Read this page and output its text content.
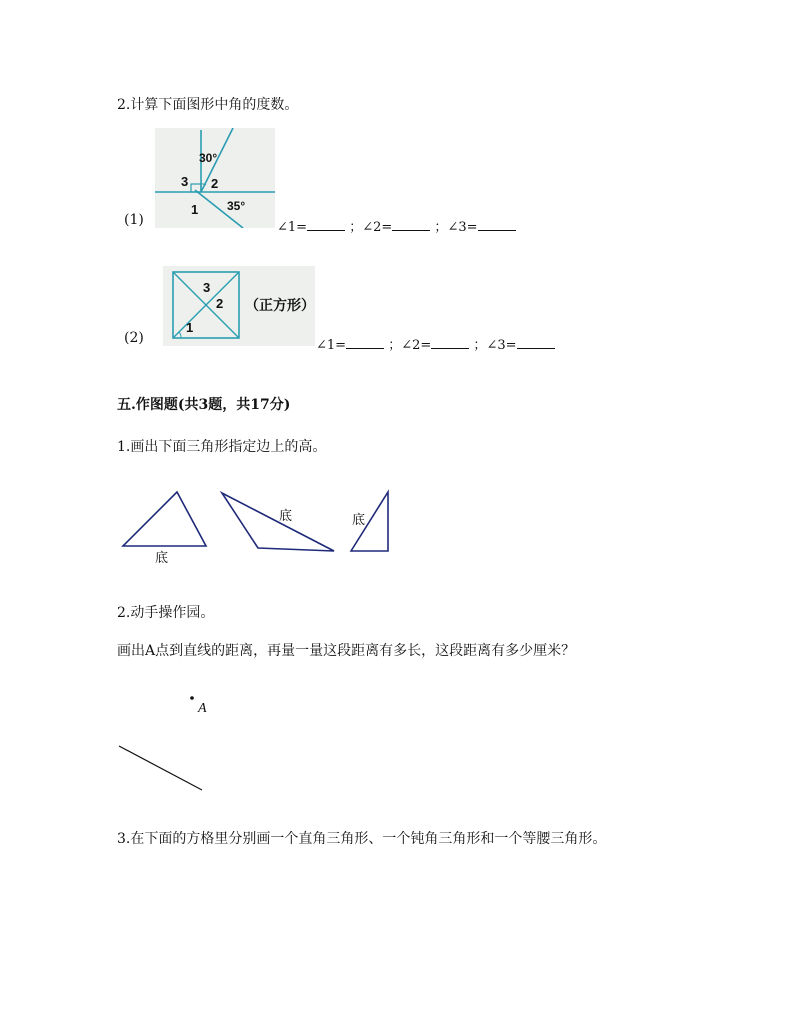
2.计算下面图形中角的度数。
(1)
30°
3 2
1 35°
∠1=	；∠2=	；∠3=
(2)
3
2
1
（正方形）
∠1=	；∠2=	；∠3=
五.作图题(共3题，共17分)
1.画出下面三角形指定边上的高。
底
底	底
2.动手操作园。
画出A点到直线的距离，再量一量这段距离有多长，这段距离有多少厘米？
A
3.在下面的方格里分别画一个直角三角形、一个钝角三角形和一个等腰三角形。
